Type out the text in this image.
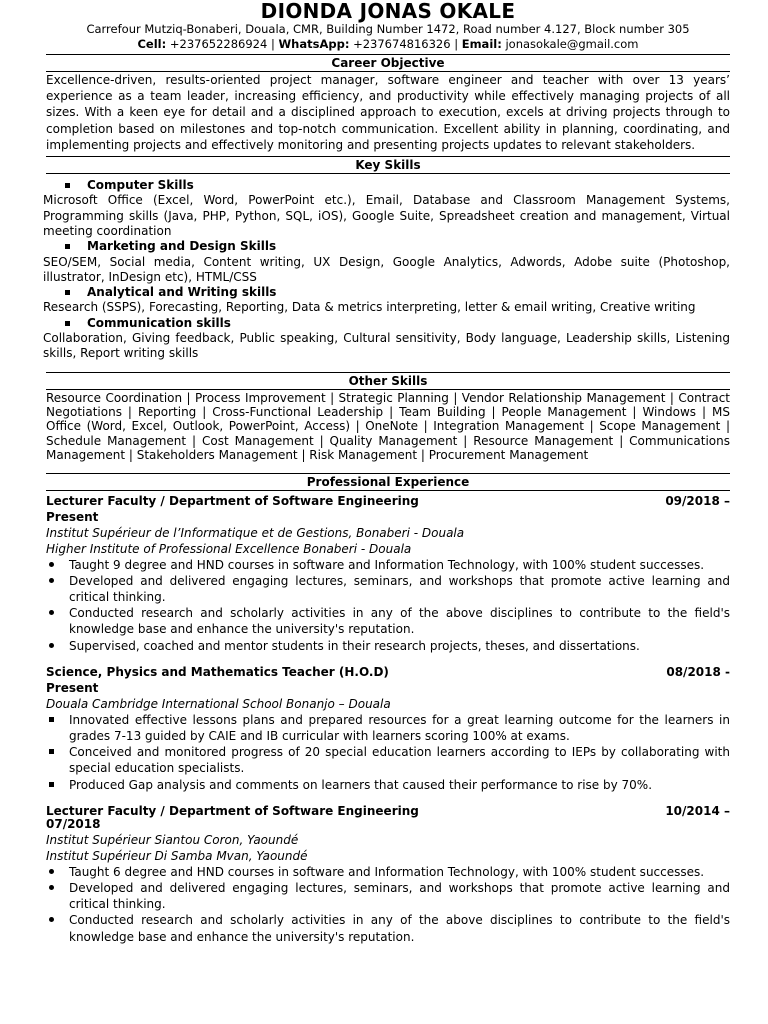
DIONDA JONAS OKALE
Carrefour Mutziq-Bonaberi, Douala, CMR, Building Number 1472, Road number 4.127, Block number 305
Cell: +237652286924 | WhatsApp: +237674816326 | Email: jonasokale@gmail.com
Career Objective
Excellence-driven, results-oriented project manager, software engineer and teacher with over 13 years’ experience as a team leader, increasing efficiency, and productivity while effectively managing projects of all sizes. With a keen eye for detail and a disciplined approach to execution, excels at driving projects through to completion based on milestones and top-notch communication. Excellent ability in planning, coordinating, and implementing projects and effectively monitoring and presenting projects updates to relevant stakeholders.
Key Skills
Computer Skills
Microsoft Office (Excel, Word, PowerPoint etc.), Email, Database and Classroom Management Systems, Programming skills (Java, PHP, Python, SQL, iOS), Google Suite, Spreadsheet creation and management, Virtual meeting coordination
Marketing and Design Skills
SEO/SEM, Social media, Content writing, UX Design, Google Analytics, Adwords, Adobe suite (Photoshop, illustrator, InDesign etc), HTML/CSS
Analytical and Writing skills
Research (SSPS), Forecasting, Reporting, Data & metrics interpreting, letter & email writing, Creative writing
Communication skills
Collaboration, Giving feedback, Public speaking, Cultural sensitivity, Body language, Leadership skills, Listening skills, Report writing skills
Other Skills
Resource Coordination | Process Improvement | Strategic Planning | Vendor Relationship Management | Contract Negotiations | Reporting | Cross-Functional Leadership | Team Building | People Management | Windows | MS Office (Word, Excel, Outlook, PowerPoint, Access) | OneNote | Integration Management | Scope Management | Schedule Management | Cost Management | Quality Management | Resource Management | Communications Management | Stakeholders Management | Risk Management | Procurement Management
Professional Experience
Lecturer Faculty / Department of Software Engineering	09/2018 –
Present
Institut Supérieur de l’Informatique et de Gestions, Bonaberi - Douala
Higher Institute of Professional Excellence Bonaberi - Douala
Taught 9 degree and HND courses in software and Information Technology, with 100% student successes.
Developed and delivered engaging lectures, seminars, and workshops that promote active learning and critical thinking.
Conducted research and scholarly activities in any of the above disciplines to contribute to the field's knowledge base and enhance the university's reputation.
Supervised, coached and mentor students in their research projects, theses, and dissertations.
Science, Physics and Mathematics Teacher (H.O.D)	08/2018 -
Present
Douala Cambridge International School Bonanjo – Douala
Innovated effective lessons plans and prepared resources for a great learning outcome for the learners in grades 7-13 guided by CAIE and IB curricular with learners scoring 100% at exams.
Conceived and monitored progress of 20 special education learners according to IEPs by collaborating with special education specialists.
Produced Gap analysis and comments on learners that caused their performance to rise by 70%.
Lecturer Faculty / Department of Software Engineering	10/2014 –
07/2018
Institut Supérieur Siantou Coron, Yaoundé
Institut Supérieur Di Samba Mvan, Yaoundé
Taught 6 degree and HND courses in software and Information Technology, with 100% student successes.
Developed and delivered engaging lectures, seminars, and workshops that promote active learning and critical thinking.
Conducted research and scholarly activities in any of the above disciplines to contribute to the field's knowledge base and enhance the university's reputation.
